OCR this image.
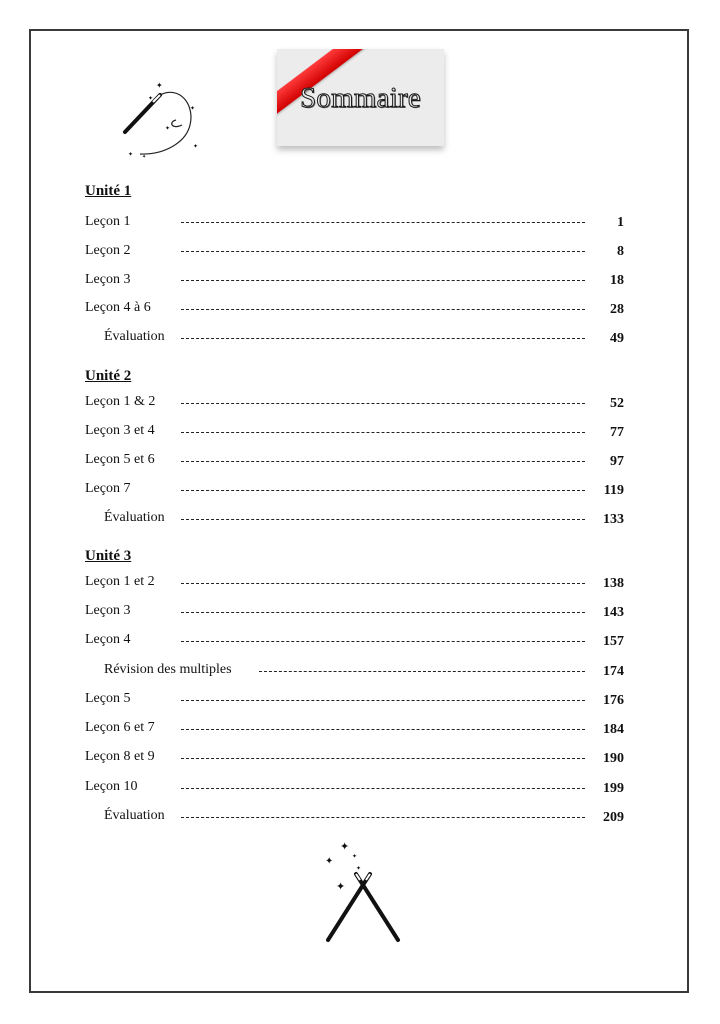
Sommaire
✦
✦
✦
✦
✦
✦ ✦
✦
✦	✦
✦
✦
Unité 1
Leçon 1	1
Leçon 2	8
Leçon 3	18
Leçon 4 à 6	28
Évaluation	49
Unité 2
Leçon 1 & 2	52
Leçon 3 et 4	77
Leçon 5 et 6	97
Leçon 7	119
Évaluation	133
Unité 3
Leçon 1 et 2	138
Leçon 3	143
Leçon 4	157
Révision des multiples	174
Leçon 5	176
Leçon 6 et 7	184
Leçon 8 et 9	190
Leçon 10	199
Évaluation	209
